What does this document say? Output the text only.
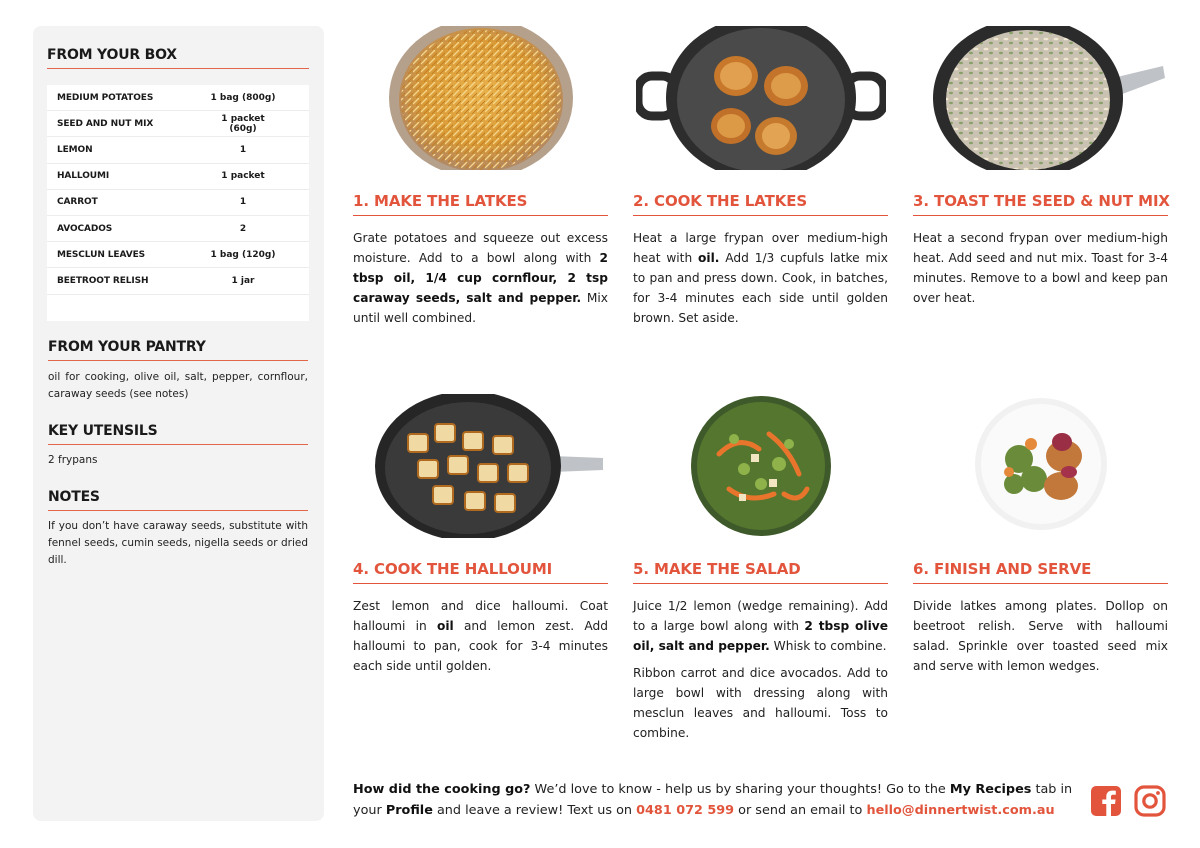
FROM YOUR BOX
MEDIUM POTATOES	1 bag (800g)
SEED AND NUT MIX	1 packet (60g)
LEMON	1
HALLOUMI	1 packet
CARROT	1
AVOCADOS	2
MESCLUN LEAVES	1 bag (120g)
BEETROOT RELISH	1 jar
FROM YOUR PANTRY
oil for cooking, olive oil, salt, pepper, cornflour, caraway seeds (see notes)
KEY UTENSILS
2 frypans
NOTES
If you don’t have caraway seeds, substitute with fennel seeds, cumin seeds, nigella seeds or dried dill.
1. MAKE THE LATKES

Grate potatoes and squeeze out excess moisture. Add to a bowl along with 2 tbsp oil, 1/4 cup cornflour, 2 tsp caraway seeds, salt and pepper. Mix until well combined.

2. COOK THE LATKES

Heat a large frypan over medium-high heat with oil. Add 1/3 cupfuls latke mix to pan and press down. Cook, in batches, for 3-4 minutes each side until golden brown. Set aside.

3. TOAST THE SEED & NUT MIX

Heat a second frypan over medium-high heat. Add seed and nut mix. Toast for 3-4 minutes. Remove to a bowl and keep pan over heat.

4. COOK THE HALLOUMI

Zest lemon and dice halloumi. Coat halloumi in oil and lemon zest. Add halloumi to pan, cook for 3-4 minutes each side until golden.

5. MAKE THE SALAD

Juice 1/2 lemon (wedge remaining). Add to a large bowl along with 2 tbsp olive oil, salt and pepper. Whisk to combine.

Ribbon carrot and dice avocados. Add to large bowl with dressing along with mesclun leaves and halloumi. Toss to combine.

6. FINISH AND SERVE

Divide latkes among plates. Dollop on beetroot relish. Serve with halloumi salad. Sprinkle over toasted seed mix and serve with lemon wedges.

How did the cooking go? We’d love to know - help us by sharing your thoughts! Go to the My Recipes tab in your Profile and leave a review! Text us on 0481 072 599 or send an email to hello@dinnertwist.com.au
